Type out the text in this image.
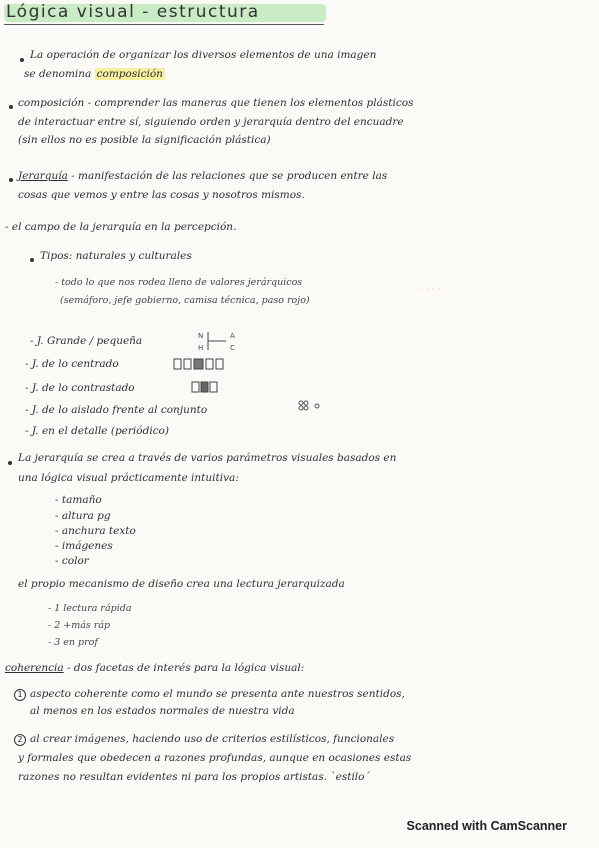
Lógica visual - estructura
· · · ·
La operación de organizar los diversos elementos de una imagen
se denomina composición
composición - comprender las maneras que tienen los elementos plásticos
de interactuar entre sí, siguiendo orden y jerarquía dentro del encuadre
(sin ellos no es posible la significación plástica)
Jerarquía - manifestación de las relaciones que se producen entre las
cosas que vemos y entre las cosas y nosotros mismos.
- el campo de la jerarquía en la percepción.
Tipos: naturales y culturales
- todo lo que nos rodea lleno de valores jerárquicos
(semáforo, jefe gobierno, camisa técnica, paso rojo)
- J. Grande / pequeña	N
H
A
C
- J. de lo centrado
- J. de lo contrastado
- J. de lo aislado frente al conjunto
- J. en el detalle (periódico)
La jerarquía se crea a través de varios parámetros visuales basados en
una lógica visual prácticamente intuitiva:
- tamaño
- altura pg
- anchura texto
- imágenes
- color
el propio mecanismo de diseño crea una lectura jerarquizada
- 1 lectura rápida
- 2 +más ráp
- 3 en prof
coherencia - dos facetas de interés para la lógica visual:
1 aspecto coherente como el mundo se presenta ante nuestros sentidos,
al menos en los estados normales de nuestra vida
2 al crear imágenes, haciendo uso de criterios estilísticos, funcionales
y formales que obedecen a razones profundas, aunque en ocasiones estas
razones no resultan evidentes ni para los propios artistas. `estilo´
Scanned with CamScanner
